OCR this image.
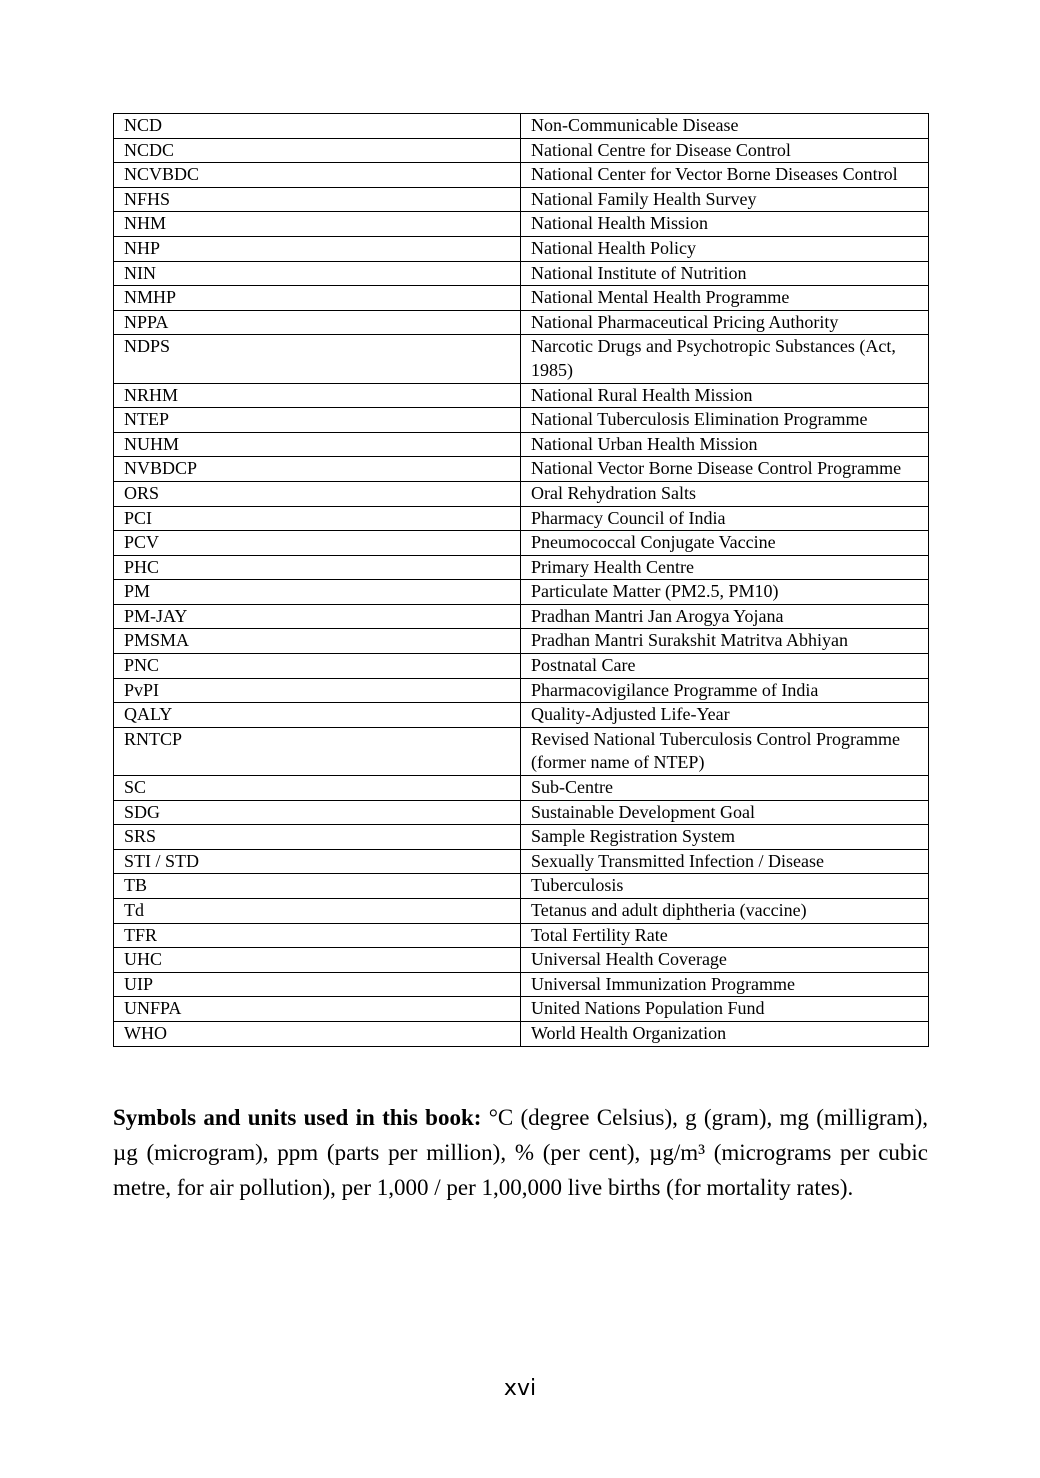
NCD	Non-Communicable Disease
NCDC	National Centre for Disease Control
NCVBDC	National Center for Vector Borne Diseases Control
NFHS	National Family Health Survey
NHM	National Health Mission
NHP	National Health Policy
NIN	National Institute of Nutrition
NMHP	National Mental Health Programme
NPPA	National Pharmaceutical Pricing Authority
NDPS	Narcotic Drugs and Psychotropic Substances (Act, 1985)
NRHM	National Rural Health Mission
NTEP	National Tuberculosis Elimination Programme
NUHM	National Urban Health Mission
NVBDCP	National Vector Borne Disease Control Programme
ORS	Oral Rehydration Salts
PCI	Pharmacy Council of India
PCV	Pneumococcal Conjugate Vaccine
PHC	Primary Health Centre
PM	Particulate Matter (PM2.5, PM10)
PM-JAY	Pradhan Mantri Jan Arogya Yojana
PMSMA	Pradhan Mantri Surakshit Matritva Abhiyan
PNC	Postnatal Care
PvPI	Pharmacovigilance Programme of India
QALY	Quality-Adjusted Life-Year
RNTCP	Revised National Tuberculosis Control Programme (former name of NTEP)
SC	Sub-Centre
SDG	Sustainable Development Goal
SRS	Sample Registration System
STI / STD	Sexually Transmitted Infection / Disease
TB	Tuberculosis
Td	Tetanus and adult diphtheria (vaccine)
TFR	Total Fertility Rate
UHC	Universal Health Coverage
UIP	Universal Immunization Programme
UNFPA	United Nations Population Fund
WHO	World Health Organization

Symbols and units used in this book: °C (degree Celsius), g (gram), mg (milligram), µg (microgram), ppm (parts per million), % (per cent), µg/m³ (micrograms per cubic metre, for air pollution), per 1,000 / per 1,00,000 live births (for mortality rates).

xvi
